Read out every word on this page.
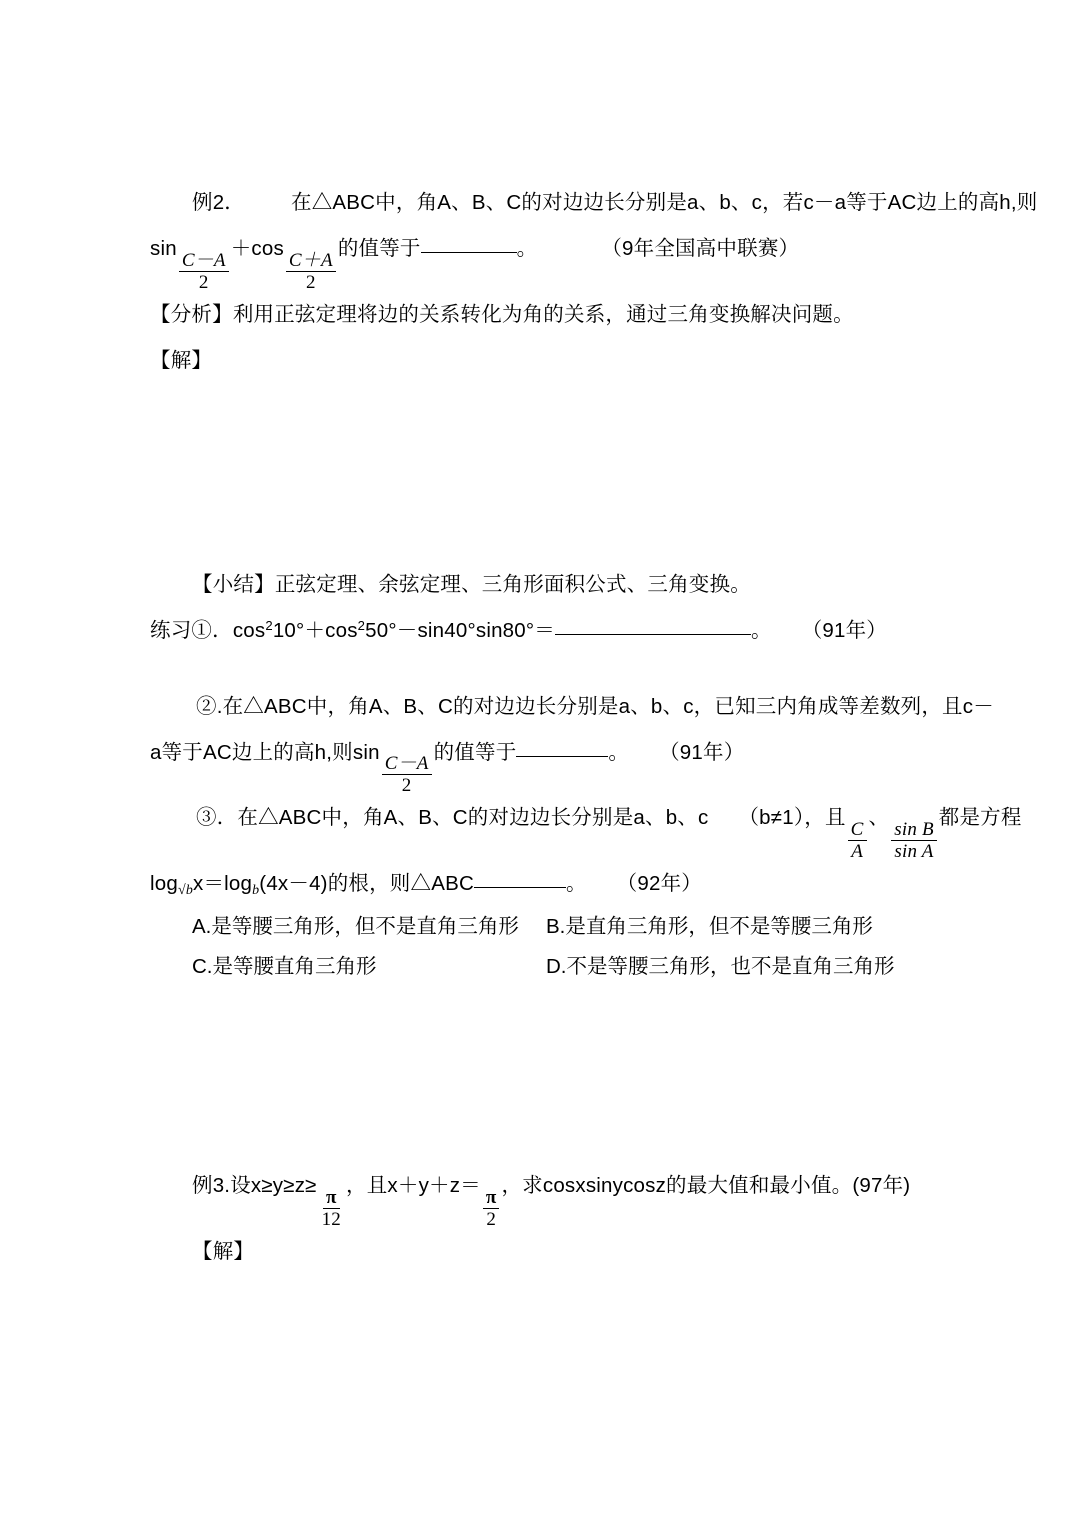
例2． 在△ABC中，角A、B、C的对边边长分别是a、b、c，若c－a等于AC边上的高h,则
sin
$\frac{C-A}{2}$
＋cos
$\frac{C+A}{2}$
的值等于	。	（9年全国高中联赛）
【分析】利用正弦定理将边的关系转化为角的关系，通过三角变换解决问题。
【解】
【小结】正弦定理、余弦定理、三角形面积公式、三角变换。
练习①．$\cos^210^\circ+\cos^250^\circ-\sin 40^\circ\sin 80^\circ=$	。 （91年）
②.在△ABC中，角A、B、C的对边边长分别是a、b、c，已知三内角成等差数列，且c－
a等于AC边上的高h,则sin
$\frac{C-A}{2}$
的值等于	。 （91年）
③．在△ABC中，角A、B、C的对边边长分别是a、b、c （b≠1），且
$\frac{C}{A}$
、
$\frac{\text{sin B}}{\text{sin A}}$
都是方程
$\log_{√b}x=\log_b(4x-4)$的根，则△ABC	。 （92年）
A.是等腰三角形，但不是直角三角形	B.是直角三角形，但不是等腰三角形
C.是等腰直角三角形	D.不是等腰三角形，也不是直角三角形
例3.设x≥y≥z≥
$\frac{\pi}{12}$
，且x＋y＋z＝
$\frac{\pi}{2}$
，求cosxsinycosz的最大值和最小值。(97年)
【解】
